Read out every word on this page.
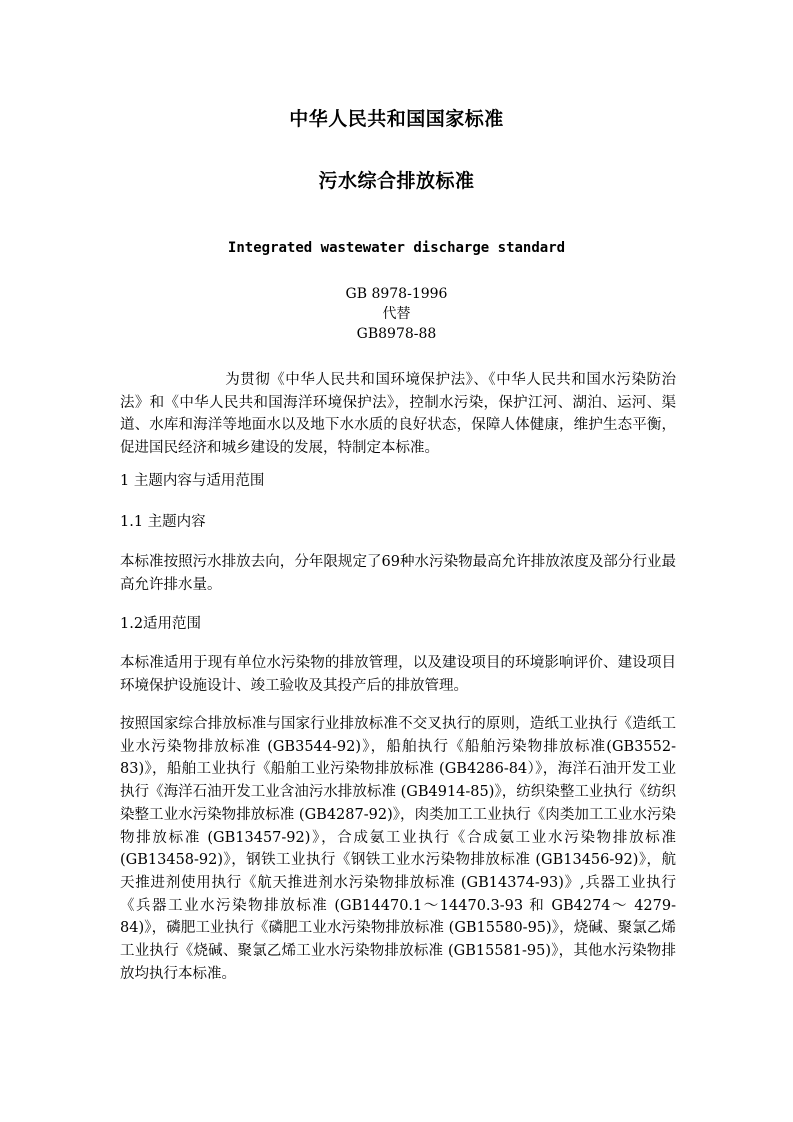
中华人民共和国国家标准
污水综合排放标准
Integrated wastewater discharge standard
GB 8978-1996
代替
GB8978-88
　　　　　　　为贯彻《中华人民共和国环境保护法》、《中华人民共和国水污染防治法》和《中华人民共和国海洋环境保护法》，控制水污染，保护江河、湖泊、运河、渠道、水库和海洋等地面水以及地下水水质的良好状态，保障人体健康，维护生态平衡，促进国民经济和城乡建设的发展，特制定本标准。
1 主题内容与适用范围
1.1 主题内容
本标准按照污水排放去向，分年限规定了69种水污染物最高允许排放浓度及部分行业最高允许排水量。
1.2适用范围
本标准适用于现有单位水污染物的排放管理，以及建设项目的环境影响评价、建设项目环境保护设施设计、竣工验收及其投产后的排放管理。
按照国家综合排放标准与国家行业排放标准不交叉执行的原则，造纸工业执行《造纸工业水污染物排放标准 (GB3544-92)》，船舶执行《船舶污染物排放标准(GB3552-83)》，船舶工业执行《船舶工业污染物排放标准 (GB4286-84）》，海洋石油开发工业执行《海洋石油开发工业含油污水排放标准 (GB4914-85)》，纺织染整工业执行《纺织染整工业水污染物排放标准 (GB4287-92)》，肉类加工工业执行《肉类加工工业水污染物排放标准 (GB13457-92)》，合成氨工业执行《合成氨工业水污染物排放标准 (GB13458-92)》，钢铁工业执行《钢铁工业水污染物排放标准 (GB13456-92)》，航天推进剂使用执行《航天推进剂水污染物排放标准 (GB14374-93)》,兵器工业执行《兵器工业水污染物排放标准 (GB14470.1～14470.3-93 和 GB4274～ 4279-84)》，磷肥工业执行《磷肥工业水污染物排放标准 (GB15580-95)》，烧碱、聚氯乙烯工业执行《烧碱、聚氯乙烯工业水污染物排放标准 (GB15581-95)》，其他水污染物排放均执行本标准。
